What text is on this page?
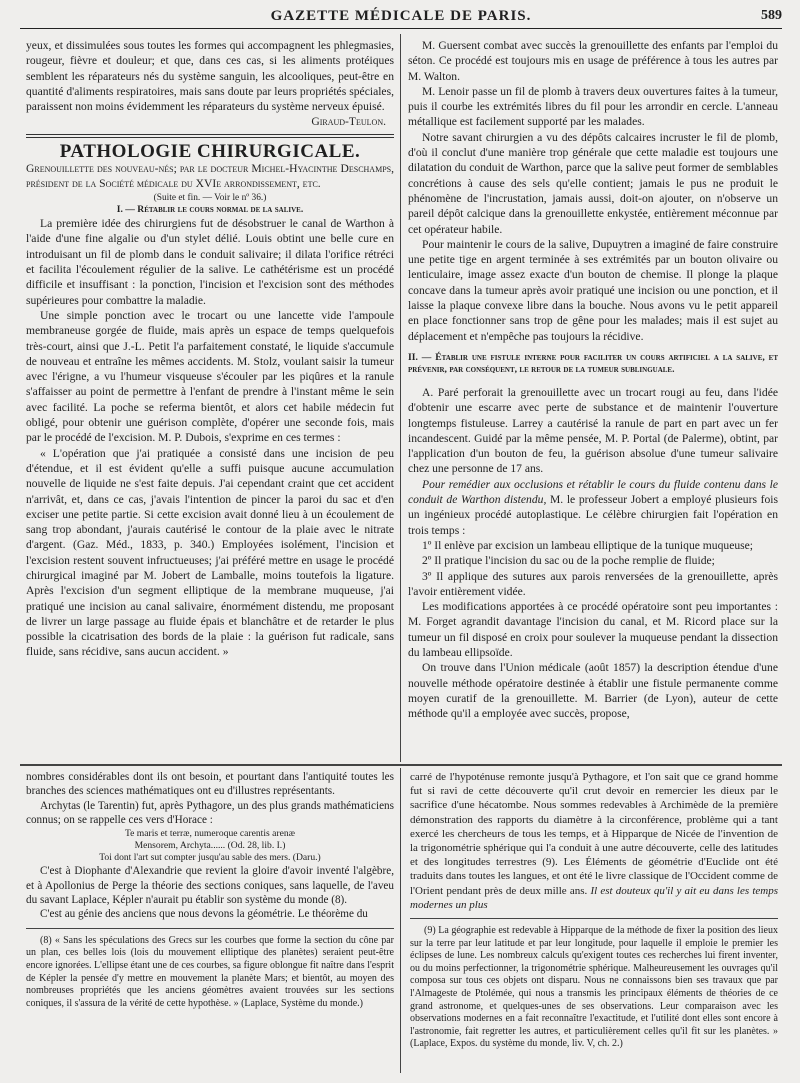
GAZETTE MÉDICALE DE PARIS.	589

yeux, et dissimulées sous toutes les formes qui accompagnent les phlegmasies, rougeur, fièvre et douleur; et que, dans ces cas, si les aliments protéiques semblent les réparateurs nés du système sanguin, les alcooliques, peut-être en quantité d'aliments respiratoires, mais sans doute par leurs propriétés spéciales, paraissent non moins évidemment les réparateurs du système nerveux épuisé.

Giraud-Teulon.
PATHOLOGIE CHIRURGICALE.

Grenouillette des nouveau-nés; par le docteur Michel-Hyacinthe Deschamps, président de la Société médicale du XVIe arrondissement, etc.

(Suite et fin. — Voir le nº 36.)
I. — Rétablir le cours normal de la salive.

La première idée des chirurgiens fut de désobstruer le canal de Warthon à l'aide d'une fine algalie ou d'un stylet délié. Louis obtint une belle cure en introduisant un fil de plomb dans le conduit salivaire; il dilata l'orifice rétréci et facilita l'écoulement régulier de la salive. Le cathétérisme est un procédé difficile et insuffisant : la ponction, l'incision et l'excision sont des méthodes supérieures pour combattre la maladie.

Une simple ponction avec le trocart ou une lancette vide l'ampoule membraneuse gorgée de fluide, mais après un espace de temps quelquefois très-court, ainsi que J.-L. Petit l'a parfaitement constaté, le liquide s'accumule de nouveau et entraîne les mêmes accidents. M. Stolz, voulant saisir la tumeur avec l'érigne, a vu l'humeur visqueuse s'écouler par les piqûres et la ranule s'affaisser au point de permettre à l'enfant de prendre à l'instant même le sein avec facilité. La poche se referma bientôt, et alors cet habile médecin fut obligé, pour obtenir une guérison complète, d'opérer une seconde fois, mais par le procédé de l'excision. M. P. Dubois, s'exprime en ces termes :

« L'opération que j'ai pratiquée a consisté dans une incision de peu d'étendue, et il est évident qu'elle a suffi puisque aucune accumulation nouvelle de liquide ne s'est faite depuis. J'ai cependant craint que cet accident n'arrivât, et, dans ce cas, j'avais l'intention de pincer la paroi du sac et d'en exciser une petite partie. Si cette excision avait donné lieu à un écoulement de sang trop abondant, j'aurais cautérisé le contour de la plaie avec le nitrate d'argent. (Gaz. Méd., 1833, p. 340.) Employées isolément, l'incision et l'excision restent souvent infructueuses; j'ai préféré mettre en usage le procédé chirurgical imaginé par M. Jobert de Lamballe, moins toutefois la ligature. Après l'excision d'un segment elliptique de la membrane muqueuse, j'ai pratiqué une incision au canal salivaire, énormément distendu, me proposant de livrer un large passage au fluide épais et blanchâtre et de retarder le plus possible la cicatrisation des bords de la plaie : la guérison fut radicale, sans fluide, sans récidive, sans aucun accident. »

M. Guersent combat avec succès la grenouillette des enfants par l'emploi du séton. Ce procédé est toujours mis en usage de préférence à tous les autres par M. Walton.

M. Lenoir passe un fil de plomb à travers deux ouvertures faites à la tumeur, puis il courbe les extrémités libres du fil pour les arrondir en cercle. L'anneau métallique est facilement supporté par les malades.

Notre savant chirurgien a vu des dépôts calcaires incruster le fil de plomb, d'où il conclut d'une manière trop générale que cette maladie est toujours une dilatation du conduit de Warthon, parce que la salive peut former de semblables concrétions à cause des sels qu'elle contient; jamais le pus ne produit le phénomène de l'incrustation, jamais aussi, doit-on ajouter, on n'observe un pareil dépôt calcique dans la grenouillette enkystée, entièrement méconnue par cet opérateur habile.

Pour maintenir le cours de la salive, Dupuytren a imaginé de faire construire une petite tige en argent terminée à ses extrémités par un bouton olivaire ou lenticulaire, image assez exacte d'un bouton de chemise. Il plonge la plaque concave dans la tumeur après avoir pratiqué une incision ou une ponction, et il laisse la plaque convexe libre dans la bouche. Nous avons vu le petit appareil en place fonctionner sans trop de gêne pour les malades; mais il est sujet au déplacement et n'empêche pas toujours la récidive.

II. — Établir une fistule interne pour faciliter un cours artificiel a la salive, et prévenir, par conséquent, le retour de la tumeur sublinguale.

A. Paré perforait la grenouillette avec un trocart rougi au feu, dans l'idée d'obtenir une escarre avec perte de substance et de maintenir l'ouverture longtemps fistuleuse. Larrey a cautérisé la ranule de part en part avec un fer incandescent. Guidé par la même pensée, M. P. Portal (de Palerme), obtint, par l'application d'un bouton de feu, la guérison absolue d'une tumeur salivaire chez une personne de 17 ans.

Pour remédier aux occlusions et rétablir le cours du fluide contenu dans le conduit de Warthon distendu, M. le professeur Jobert a employé plusieurs fois un ingénieux procédé autoplastique. Le célèbre chirurgien fait l'opération en trois temps :

1º Il enlève par excision un lambeau elliptique de la tunique muqueuse;

2º Il pratique l'incision du sac ou de la poche remplie de fluide;

3º Il applique des sutures aux parois renversées de la grenouillette, après l'avoir entièrement vidée.

Les modifications apportées à ce procédé opératoire sont peu importantes : M. Forget agrandit davantage l'incision du canal, et M. Ricord place sur la tumeur un fil disposé en croix pour soulever la muqueuse pendant la dissection du lambeau ellipsoïde.

On trouve dans l'Union médicale (août 1857) la description étendue d'une nouvelle méthode opératoire destinée à établir une fistule permanente comme moyen curatif de la grenouillette. M. Barrier (de Lyon), auteur de cette méthode qu'il a employée avec succès, propose,

nombres considérables dont ils ont besoin, et pourtant dans l'antiquité toutes les branches des sciences mathématiques ont eu d'illustres représentants.

Archytas (le Tarentin) fut, après Pythagore, un des plus grands mathématiciens connus; on se rappelle ces vers d'Horace :

Te maris et terræ, numeroque carentis arenæ
Mensorem, Archyta...... (Od. 28, lib. I.)
Toi dont l'art sut compter jusqu'au sable des mers. (Daru.)

C'est à Diophante d'Alexandrie que revient la gloire d'avoir inventé l'algèbre, et à Apollonius de Perge la théorie des sections coniques, sans laquelle, de l'aveu du savant Laplace, Képler n'aurait pu établir son système du monde (8).

C'est au génie des anciens que nous devons la géométrie. Le théorème du

(8) « Sans les spéculations des Grecs sur les courbes que forme la section du cône par un plan, ces belles lois (lois du mouvement elliptique des planètes) seraient peut-être encore ignorées. L'ellipse étant une de ces courbes, sa figure oblongue fit naître dans l'esprit de Képler la pensée d'y mettre en mouvement la planète Mars; et bientôt, au moyen des nombreuses propriétés que les anciens géomètres avaient trouvées sur les sections coniques, il s'assura de la vérité de cette hypothèse. » (Laplace, Système du monde.)

carré de l'hypoténuse remonte jusqu'à Pythagore, et l'on sait que ce grand homme fut si ravi de cette découverte qu'il crut devoir en remercier les dieux par le sacrifice d'une hécatombe. Nous sommes redevables à Archimède de la première démonstration des rapports du diamètre à la circonférence, problème qui a tant exercé les chercheurs de tous les temps, et à Hipparque de Nicée de l'invention de la trigonométrie sphérique qui l'a conduit à une autre découverte, celle des latitudes et des longitudes terrestres (9). Les Éléments de géométrie d'Euclide ont été traduits dans toutes les langues, et ont été le livre classique de l'Occident comme de l'Orient pendant près de deux mille ans. Il est douteux qu'il y ait eu dans les temps modernes un plus

(9) La géographie est redevable à Hipparque de la méthode de fixer la position des lieux sur la terre par leur latitude et par leur longitude, pour laquelle il emploie le premier les éclipses de lune. Les nombreux calculs qu'exigent toutes ces recherches lui firent inventer, ou du moins perfectionner, la trigonométrie sphérique. Malheureusement les ouvrages qu'il composa sur tous ces objets ont disparu. Nous ne connaissons bien ses travaux que par l'Almageste de Ptolémée, qui nous a transmis les principaux éléments de théories de ce grand astronome, et quelques-unes de ses observations. Leur comparaison avec les observations modernes en a fait reconnaître l'exactitude, et l'utilité dont elles sont encore à l'astronomie, fait regretter les autres, et particulièrement celles qu'il fit sur les planètes. » (Laplace, Expos. du système du monde, liv. V, ch. 2.)
